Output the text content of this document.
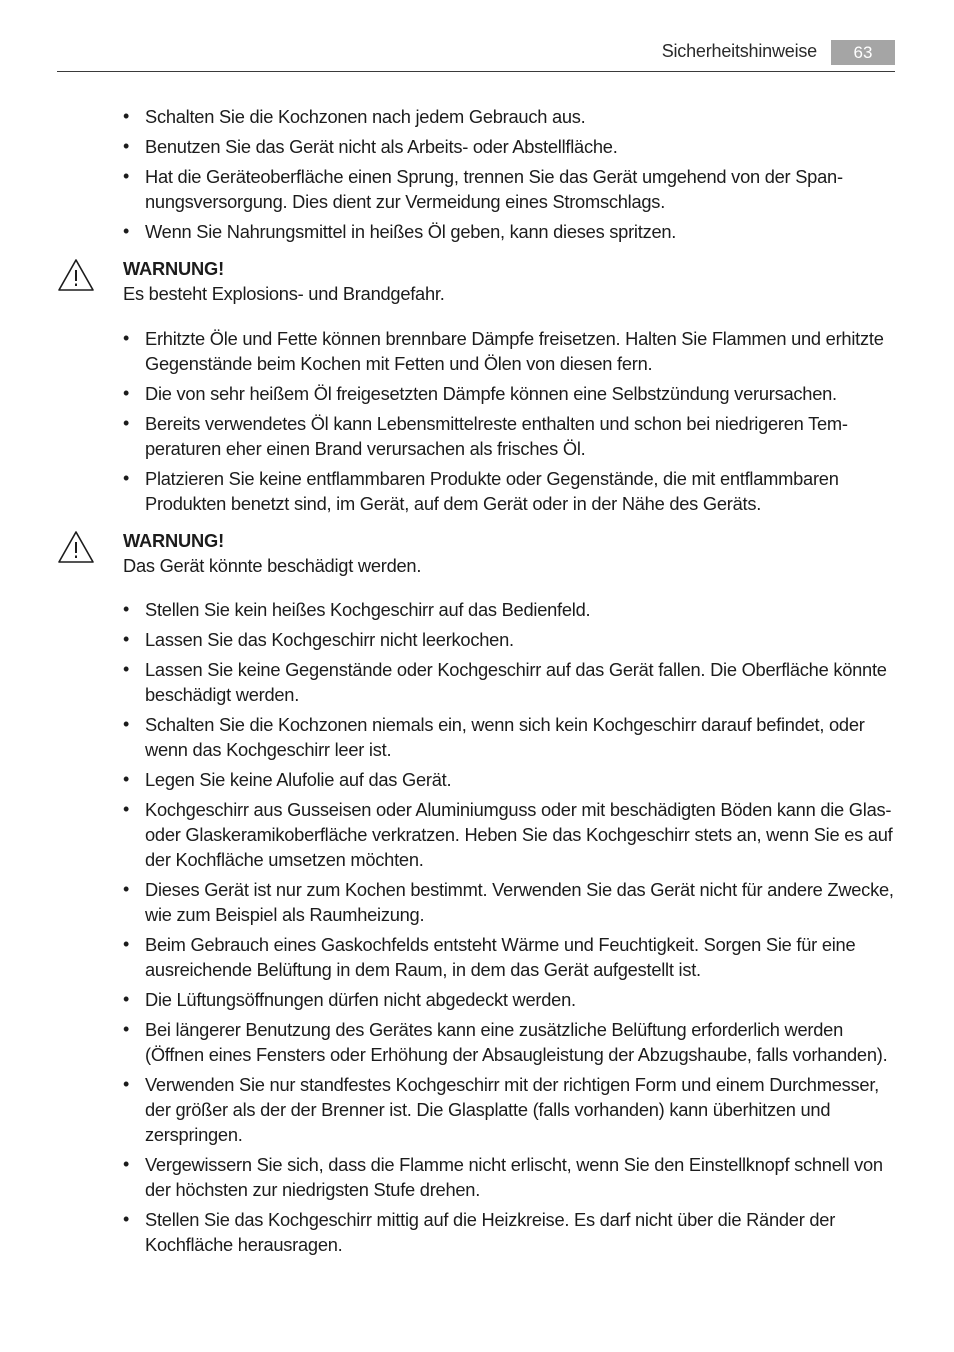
Sicherheitshinweise	63
• Schalten Sie die Kochzonen nach jedem Gebrauch aus.
• Benutzen Sie das Gerät nicht als Arbeits- oder Abstellfläche.
• Hat die Geräteoberfläche einen Sprung, trennen Sie das Gerät umgehend von der Spannungsversorgung. Dies dient zur Vermeidung eines Stromschlags.
• Wenn Sie Nahrungsmittel in heißes Öl geben, kann dieses spritzen.
WARNUNG!
Es besteht Explosions- und Brandgefahr.
• Erhitzte Öle und Fette können brennbare Dämpfe freisetzen. Halten Sie Flammen und erhitzte Gegenstände beim Kochen mit Fetten und Ölen von diesen fern.
• Die von sehr heißem Öl freigesetzten Dämpfe können eine Selbstzündung verursachen.
• Bereits verwendetes Öl kann Lebensmittelreste enthalten und schon bei niedrigeren Temperaturen eher einen Brand verursachen als frisches Öl.
• Platzieren Sie keine entflammbaren Produkte oder Gegenstände, die mit entflammbaren Produkten benetzt sind, im Gerät, auf dem Gerät oder in der Nähe des Geräts.
WARNUNG!
Das Gerät könnte beschädigt werden.
• Stellen Sie kein heißes Kochgeschirr auf das Bedienfeld.
• Lassen Sie das Kochgeschirr nicht leerkochen.
• Lassen Sie keine Gegenstände oder Kochgeschirr auf das Gerät fallen. Die Oberfläche könnte beschädigt werden.
• Schalten Sie die Kochzonen niemals ein, wenn sich kein Kochgeschirr darauf befindet, oder wenn das Kochgeschirr leer ist.
• Legen Sie keine Alufolie auf das Gerät.
• Kochgeschirr aus Gusseisen oder Aluminiumguss oder mit beschädigten Böden kann die Glas- oder Glaskeramikoberfläche verkratzen. Heben Sie das Kochgeschirr stets an, wenn Sie es auf der Kochfläche umsetzen möchten.
• Dieses Gerät ist nur zum Kochen bestimmt. Verwenden Sie das Gerät nicht für andere Zwecke, wie zum Beispiel als Raumheizung.
• Beim Gebrauch eines Gaskochfelds entsteht Wärme und Feuchtigkeit. Sorgen Sie für eine ausreichende Belüftung in dem Raum, in dem das Gerät aufgestellt ist.
• Die Lüftungsöffnungen dürfen nicht abgedeckt werden.
• Bei längerer Benutzung des Gerätes kann eine zusätzliche Belüftung erforderlich werden (Öffnen eines Fensters oder Erhöhung der Absaugleistung der Abzugshaube, falls vorhanden).
• Verwenden Sie nur standfestes Kochgeschirr mit der richtigen Form und einem Durchmesser, der größer als der der Brenner ist. Die Glasplatte (falls vorhanden) kann überhitzen und zerspringen.
• Vergewissern Sie sich, dass die Flamme nicht erlischt, wenn Sie den Einstellknopf schnell von der höchsten zur niedrigsten Stufe drehen.
• Stellen Sie das Kochgeschirr mittig auf die Heizkreise. Es darf nicht über die Ränder der Kochfläche herausragen.
